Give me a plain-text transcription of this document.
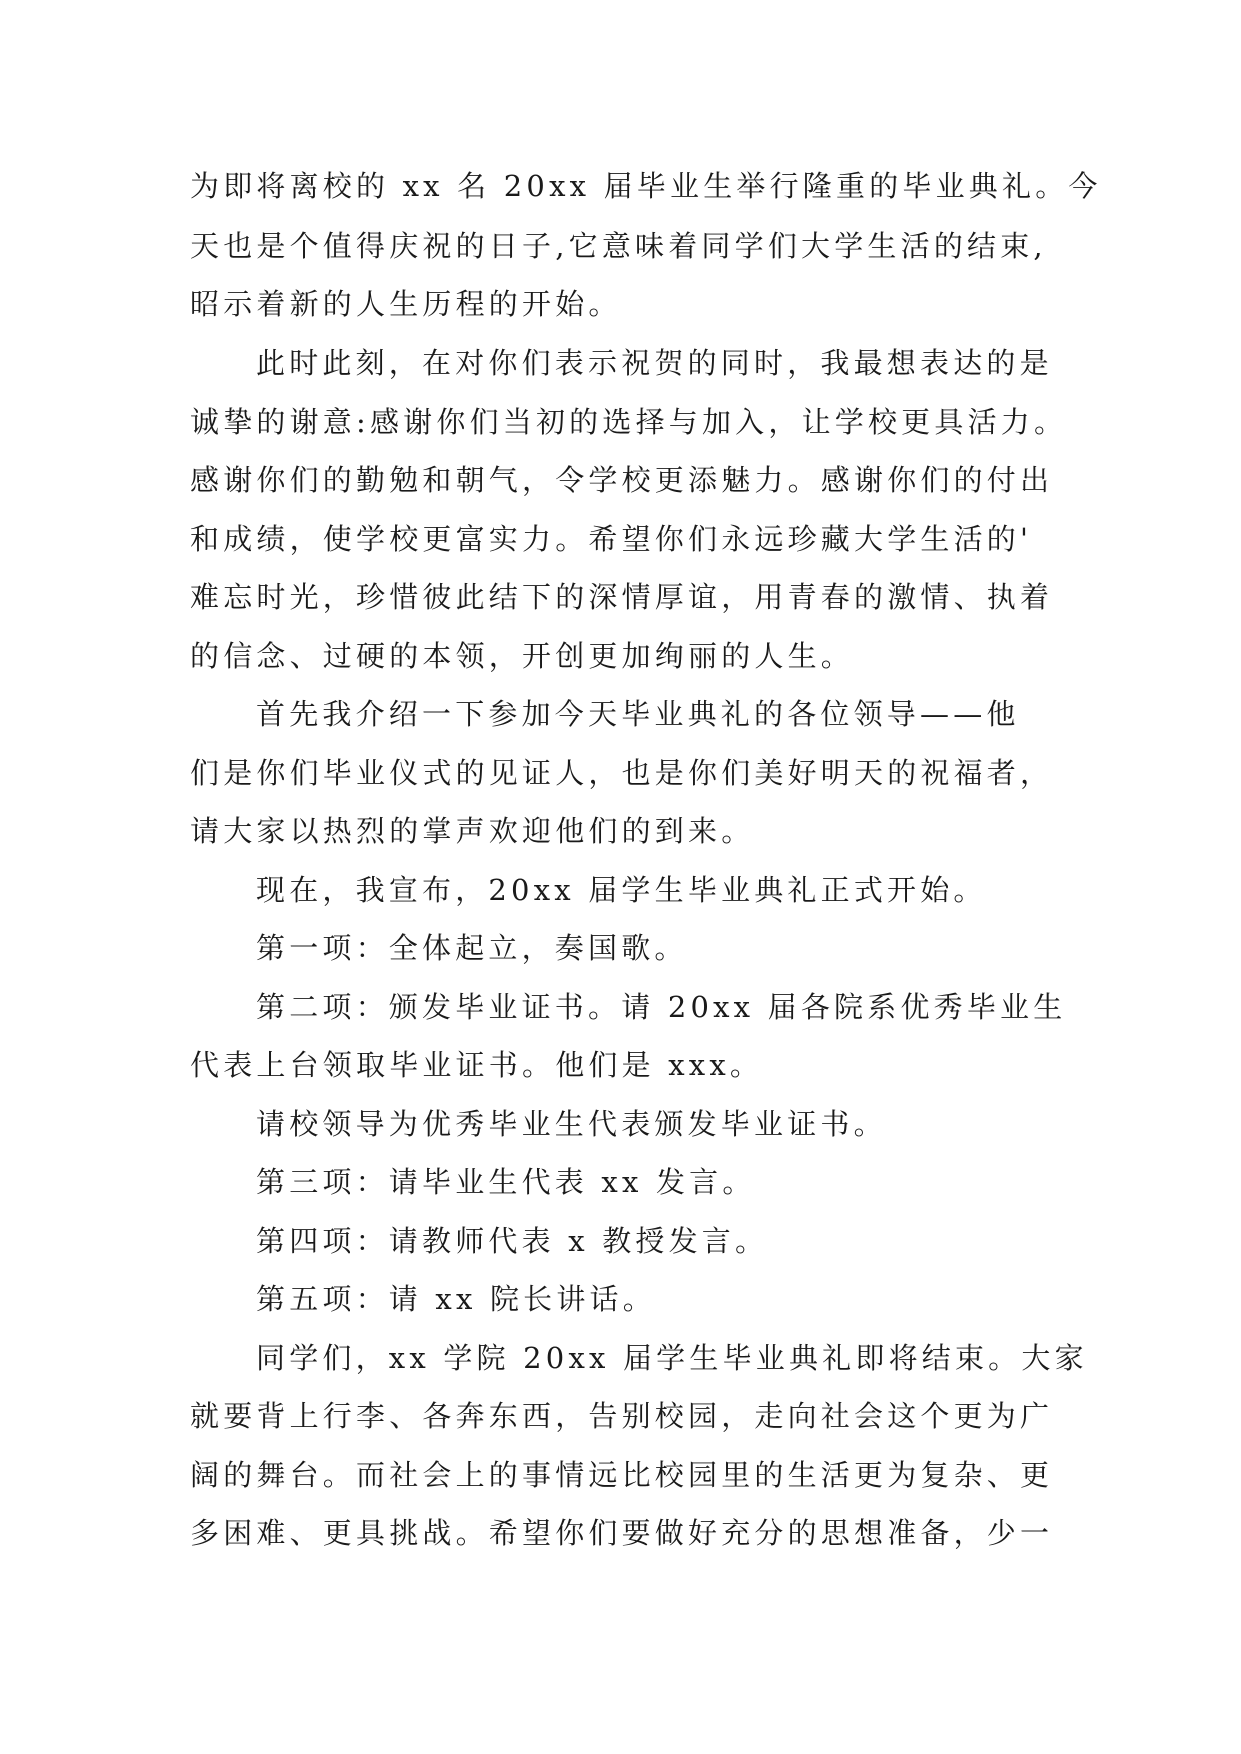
为即将离校的 xx 名 20xx 届毕业生举行隆重的毕业典礼。今
天也是个值得庆祝的日子,它意味着同学们大学生活的结束,
昭示着新的人生历程的开始。
此时此刻，在对你们表示祝贺的同时，我最想表达的是
诚挚的谢意:感谢你们当初的选择与加入，让学校更具活力。
感谢你们的勤勉和朝气，令学校更添魅力。感谢你们的付出
和成绩，使学校更富实力。希望你们永远珍藏大学生活的'
难忘时光，珍惜彼此结下的深情厚谊，用青春的激情、执着
的信念、过硬的本领，开创更加绚丽的人生。
首先我介绍一下参加今天毕业典礼的各位领导——他
们是你们毕业仪式的见证人，也是你们美好明天的祝福者，
请大家以热烈的掌声欢迎他们的到来。
现在，我宣布，20xx 届学生毕业典礼正式开始。
第一项：全体起立，奏国歌。
第二项：颁发毕业证书。请 20xx 届各院系优秀毕业生
代表上台领取毕业证书。他们是 xxx。
请校领导为优秀毕业生代表颁发毕业证书。
第三项：请毕业生代表 xx 发言。
第四项：请教师代表 x 教授发言。
第五项：请 xx 院长讲话。
同学们，xx 学院 20xx 届学生毕业典礼即将结束。大家
就要背上行李、各奔东西，告别校园，走向社会这个更为广
阔的舞台。而社会上的事情远比校园里的生活更为复杂、更
多困难、更具挑战。希望你们要做好充分的思想准备，少一
